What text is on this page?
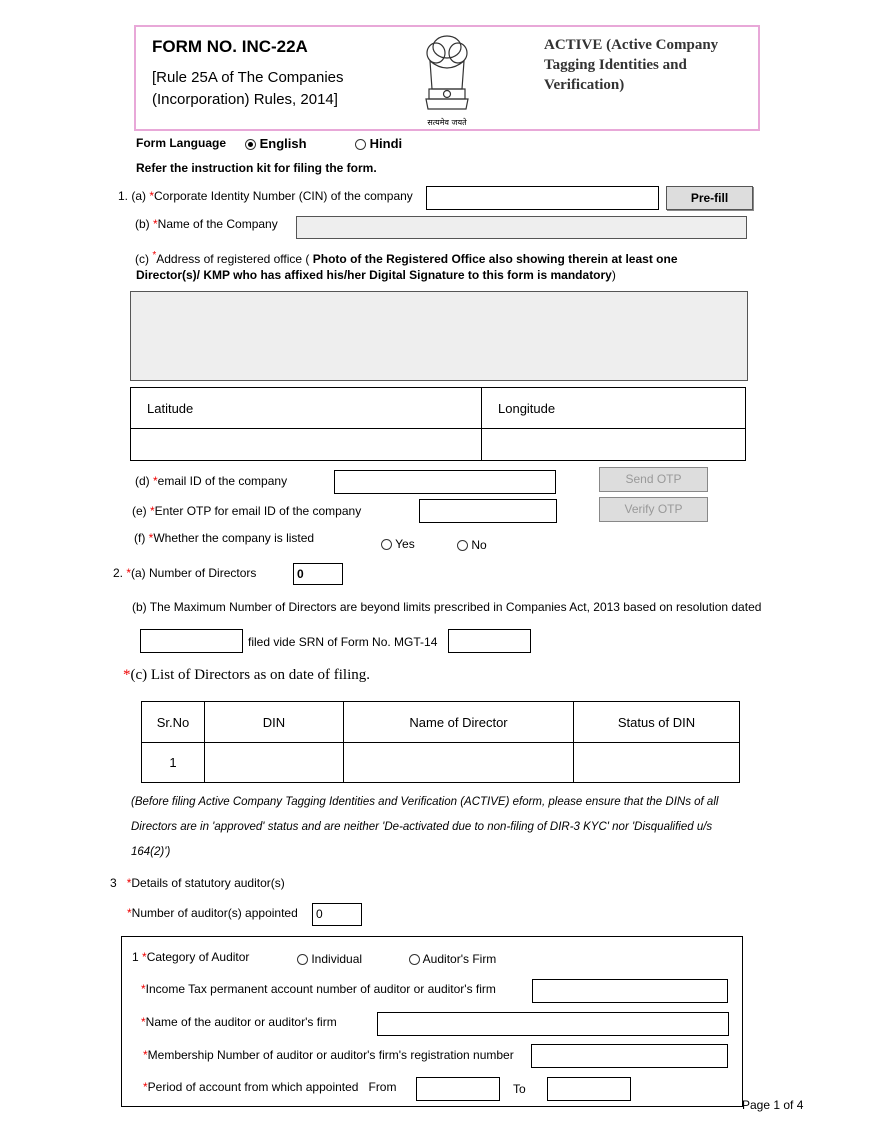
FORM NO. INC-22A
[Rule 25A of The Companies
(Incorporation) Rules, 2014]
सत्यमेव जयते
ACTIVE (Active Company
Tagging Identities and
Verification)
Form Language	English	Hindi
Refer the instruction kit for filing the form.
1. (a) *Corporate Identity Number (CIN) of the company	Pre-fill
(b) *Name of the Company
(c) *Address of registered office ( Photo of the Registered Office also showing therein at least one
Director(s)/ KMP who has affixed his/her Digital Signature to this form is mandatory)
Latitude	Longitude

(d) *email ID of the company	Send OTP
(e) *Enter OTP for email ID of the company	Verify OTP
(f) *Whether the company is listed	Yes	No
2. *(a) Number of Directors	0
(b) The Maximum Number of Directors are beyond limits prescribed in Companies Act, 2013 based on resolution dated
filed vide SRN of Form No. MGT-14
*(c) List of Directors as on date of filing.
Sr.No	DIN	Name of Director	Status of DIN
1			
(Before filing Active Company Tagging Identities and Verification (ACTIVE) eform, please ensure that the DINs of all
Directors are in 'approved' status and are neither 'De-activated due to non-filing of DIR-3 KYC' nor 'Disqualified u/s
164(2)')
3 *Details of statutory auditor(s)
*Number of auditor(s) appointed	0
1 *Category of Auditor	Individual	Auditor's Firm
*Income Tax permanent account number of auditor or auditor's firm
*Name of the auditor or auditor's firm
*Membership Number of auditor or auditor's firm's registration number
*Period of account from which appointed From	To
Page 1 of 4
